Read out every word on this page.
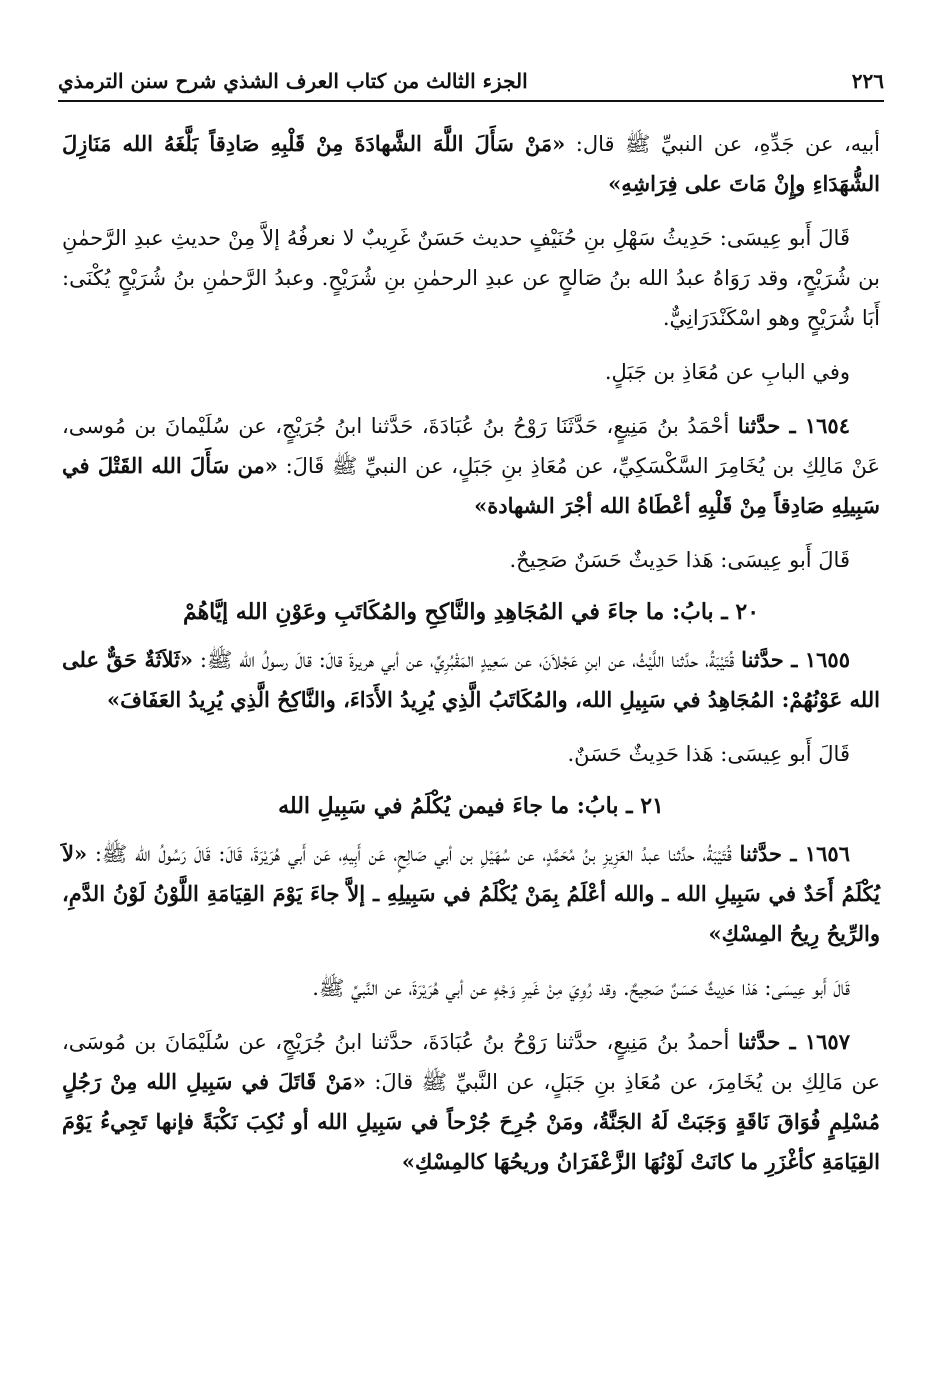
٢٢٦
الجزء الثالث من كتاب العرف الشذي شرح سنن الترمذي

أبيه، عن جَدِّهِ، عن النبيِّ ﷺ قال: «مَنْ سَأَلَ اللَّهَ الشَّهادَةَ مِنْ قَلْبِهِ صَادِقاً بَلَّغَهُ الله مَنَازِلَ الشُّهَدَاءِ وإِنْ مَاتَ على فِرَاشِهِ»

قَالَ أَبو عِيسَى: حَدِيثُ سَهْلِ بنِ حُنَيْفٍ حديث حَسَنٌ غَرِيبٌ لا نعرفُهُ إلاَّ مِنْ حديثِ عبدِ الرَّحمٰنِ بن شُرَيْحٍ، وقد رَوَاهُ عبدُ الله بنُ صَالحٍ عن عبدِ الرحمٰنِ بنِ شُرَيْحٍ. وعبدُ الرَّحمٰنِ بنُ شُرَيْحٍ يُكْنَى: أَبَا شُرَيْحٍ وهو اسْكَنْدَرَانِيٌّ.

وفي البابِ عن مُعَاذِ بن جَبَلٍ.

١٦٥٤ ـ حدَّثنا أحْمَدُ بنُ مَنِيعٍ، حَدَّثَنَا رَوْحُ بنُ عُبَادَةَ، حَدَّثنا ابنُ جُرَيْجٍ، عن سُلَيْمانَ بن مُوسى، عَنْ مَالِكِ بن يُخَامِرَ السَّكْسَكِيِّ، عن مُعَاذِ بنِ جَبَلٍ، عن النبيِّ ﷺ قَالَ: «من سَأَلَ الله القَتْلَ في سَبِيلِهِ صَادِقاً مِنْ قَلْبِهِ أعْطَاهُ الله أجْرَ الشهادة»

قَالَ أَبو عِيسَى: هَذا حَدِيثٌ حَسَنٌ صَحِيحٌ.

٢٠ ـ بابُ: ما جاءَ في المُجَاهِدِ والنَّاكِحِ والمُكَاتَبِ وعَوْنِ الله إيَّاهُمْ

١٦٥٥ ـ حدَّثنا قُتَيْبَةُ، حدَّثنا اللَّيْثُ، عن ابنِ عَجْلاَنَ، عن سَعِيدٍ المَقْبُرِيِّ، عن أبي هريرةَ قالَ: قالَ رسولُ الله ﷺ: «ثَلاَثَةٌ حَقٌّ على الله عَوْنُهُمْ: المُجَاهِدُ في سَبِيلِ الله، والمُكَاتَبُ الَّذِي يُرِيدُ الأَدَاءَ، والنَّاكِحُ الَّذِي يُرِيدُ العَفَافَ»

قَالَ أَبو عِيسَى: هَذا حَدِيثٌ حَسَنٌ.

٢١ ـ بابُ: ما جاءَ فيمن يُكْلَمُ في سَبِيلِ الله

١٦٥٦ ـ حدَّثنا قُتَيْبَةُ، حدَّثنا عبدُ العَزِيزِ بنُ مُحَمَّدٍ، عن سُهَيْلِ بن أبي صَالِحٍ، عَن أَبِيهِ، عَن أَبي هُرَيْرَةَ، قَالَ: قَالَ رَسُولُ الله ﷺ: «لاَ يُكْلَمُ أَحَدٌ في سَبِيلِ الله ـ والله أعْلَمُ بِمَنْ يُكْلَمُ في سَبِيلِهِ ـ إلاَّ جاءَ يَوْمَ القِيَامَةِ اللَّوْنُ لَوْنُ الدَّمِ، والرِّيحُ رِيحُ المِسْكِ»

قَالَ أَبو عِيسَى: هَذا حَدِيثٌ حَسَنٌ صَحِيحٌ. وقد رُوِيَ مِنْ غَيرِ وَجْهٍ عن أبي هُرَيْرَةَ، عن النَّبيِّ ﷺ.

١٦٥٧ ـ حدَّثنا أحمدُ بنُ مَنِيعٍ، حدَّثنا رَوْحُ بنُ عُبَادَةَ، حدَّثنا ابنُ جُرَيْجٍ، عن سُلَيْمَانَ بن مُوسَى، عن مَالِكِ بن يُخَامِرَ، عن مُعَاذِ بنِ جَبَلٍ، عن النَّبيِّ ﷺ قالَ: «مَنْ قَاتَلَ في سَبِيلِ الله مِنْ رَجُلٍ مُسْلِمٍ فُوَاقَ نَاقَةٍ وَجَبَتْ لَهُ الجَنَّةُ، ومَنْ جُرِحَ جُرْحاً في سَبِيلِ الله أو نُكِبَ نَكْبَةً فإنها تَجِيءُ يَوْمَ القِيَامَةِ كأغْزَرِ ما كانَتْ لَوْنُهَا الزَّعْفَرَانُ وريحُهَا كالمِسْكِ»
